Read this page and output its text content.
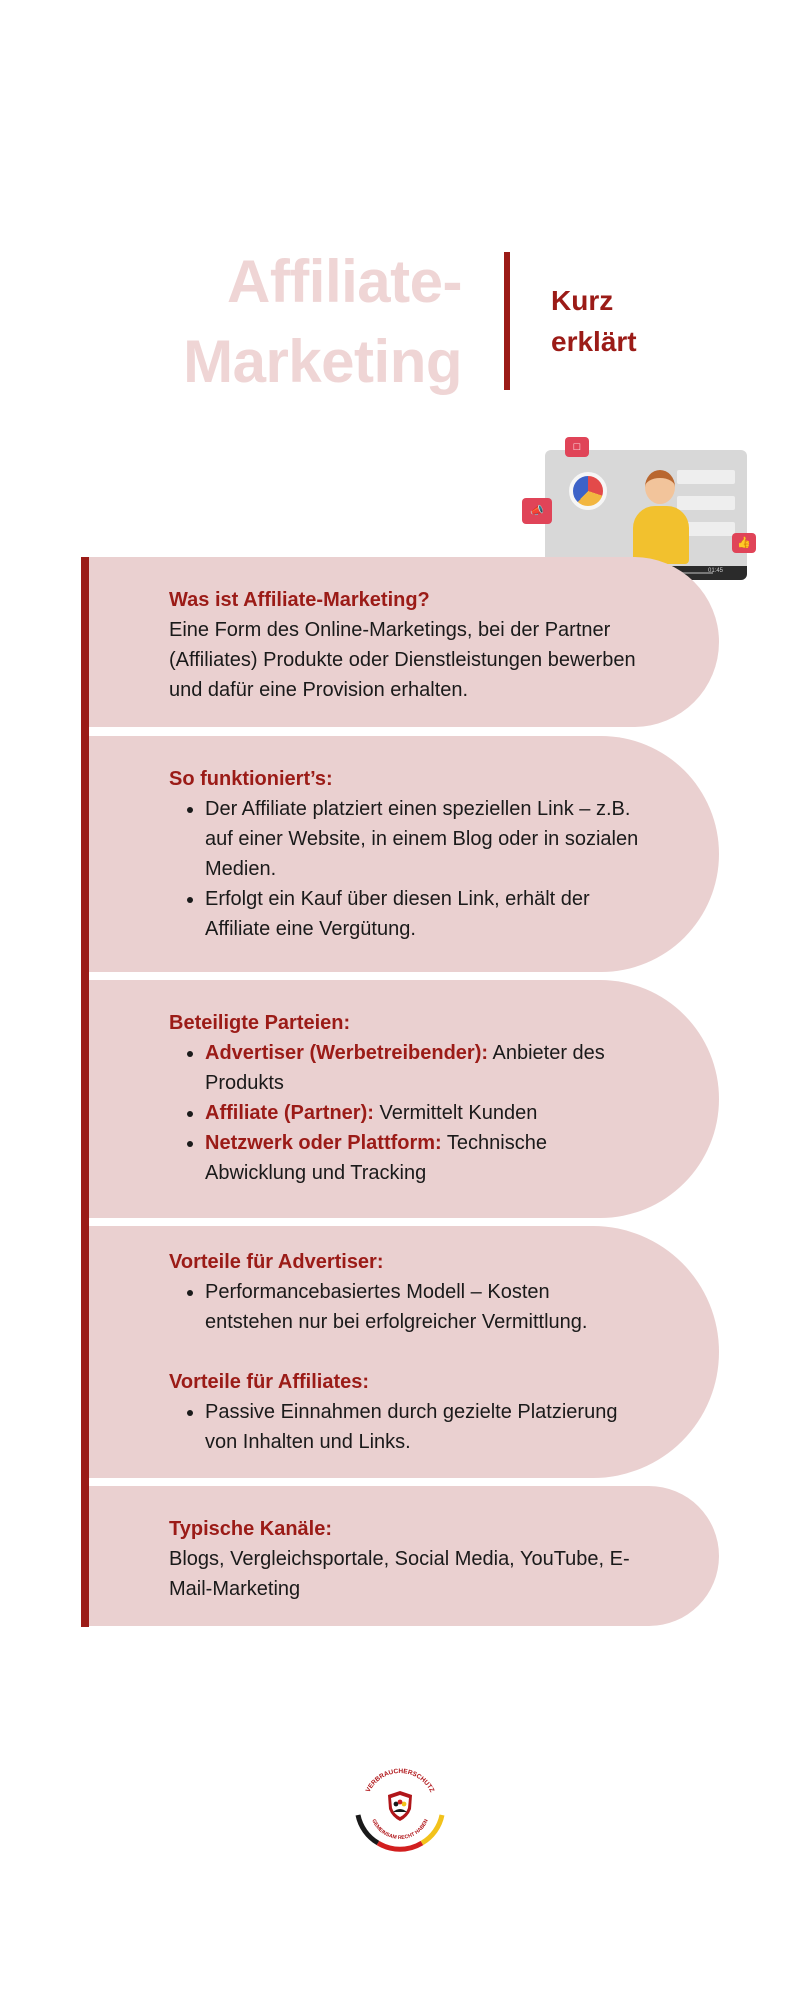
Affiliate-
Marketing
Kurz
erklärt
01:45
□
📣
👍
Was ist Affiliate-Marketing?

Eine Form des Online-Marketings, bei der Partner (Affiliates) Produkte oder Dienstleistungen bewerben und dafür eine Provision erhalten.

So funktioniert’s:
• Der Affiliate platziert einen speziellen Link – z.B. auf einer Website, in einem Blog oder in sozialen Medien.
• Erfolgt ein Kauf über diesen Link, erhält der Affiliate eine Vergütung.
Beteiligte Parteien:
• Advertiser (Werbetreibender): Anbieter des Produkts
• Affiliate (Partner): Vermittelt Kunden
• Netzwerk oder Plattform: Technische Abwicklung und Tracking
Vorteile für Advertiser:
• Performancebasiertes Modell – Kosten entstehen nur bei erfolgreicher Vermittlung.
Vorteile für Affiliates:
• Passive Einnahmen durch gezielte Platzierung von Inhalten und Links.
Typische Kanäle:

Blogs, Vergleichsportale, Social Media, YouTube, E-Mail-Marketing

VERBRAUCHERSCHUTZ
GEMEINSAM RECHT HABEN
